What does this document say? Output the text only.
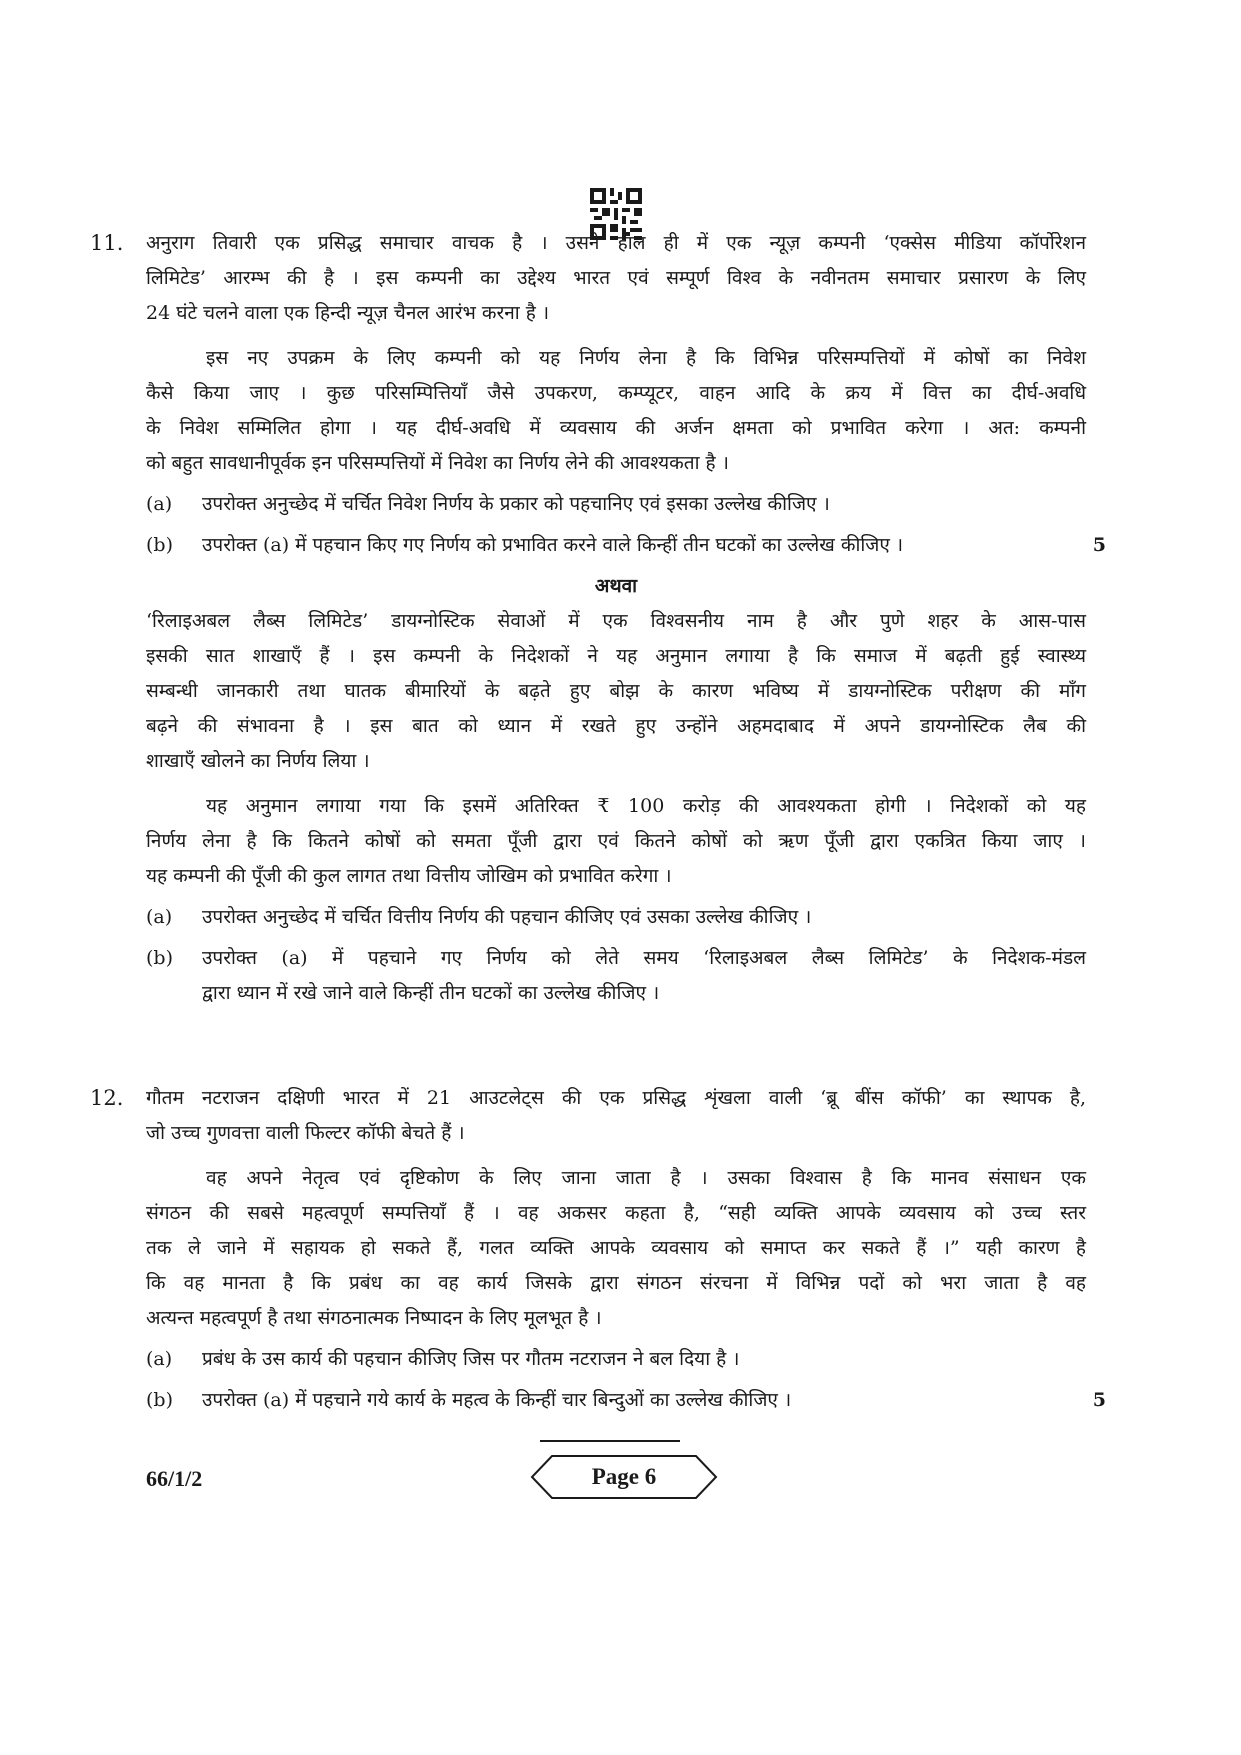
11. अनुराग तिवारी एक प्रसिद्ध समाचार वाचक है । उसने हाल ही में एक न्यूज़ कम्पनी ‘एक्सेस मीडिया कॉर्पोरेशन
लिमिटेड’ आरम्भ की है । इस कम्पनी का उद्देश्य भारत एवं सम्पूर्ण विश्व के नवीनतम समाचार प्रसारण के लिए
24 घंटे चलने वाला एक हिन्दी न्यूज़ चैनल आरंभ करना है ।
इस नए उपक्रम के लिए कम्पनी को यह निर्णय लेना है कि विभिन्न परिसम्पत्तियों में कोषों का निवेश
कैसे किया जाए । कुछ परिसम्पित्तियाँ जैसे उपकरण, कम्प्यूटर, वाहन आदि के क्रय में वित्त का दीर्घ-अवधि
के निवेश सम्मिलित होगा । यह दीर्घ-अवधि में व्यवसाय की अर्जन क्षमता को प्रभावित करेगा । अत: कम्पनी
को बहुत सावधानीपूर्वक इन परिसम्पत्तियों में निवेश का निर्णय लेने की आवश्यकता है ।
(a) उपरोक्त अनुच्छेद में चर्चित निवेश निर्णय के प्रकार को पहचानिए एवं इसका उल्लेख कीजिए ।
(b) उपरोक्त (a) में पहचान किए गए निर्णय को प्रभावित करने वाले किन्हीं तीन घटकों का उल्लेख कीजिए ।	5
अथवा
‘रिलाइअबल लैब्स लिमिटेड’ डायग्नोस्टिक सेवाओं में एक विश्वसनीय नाम है और पुणे शहर के आस-पास
इसकी सात शाखाएँ हैं । इस कम्पनी के निदेशकों ने यह अनुमान लगाया है कि समाज में बढ़ती हुई स्वास्थ्य
सम्बन्धी जानकारी तथा घातक बीमारियों के बढ़ते हुए बोझ के कारण भविष्य में डायग्नोस्टिक परीक्षण की माँग
बढ़ने की संभावना है । इस बात को ध्यान में रखते हुए उन्होंने अहमदाबाद में अपने डायग्नोस्टिक लैब की
शाखाएँ खोलने का निर्णय लिया ।
यह अनुमान लगाया गया कि इसमें अतिरिक्त ₹ 100 करोड़ की आवश्यकता होगी । निदेशकों को यह
निर्णय लेना है कि कितने कोषों को समता पूँजी द्वारा एवं कितने कोषों को ऋण पूँजी द्वारा एकत्रित किया जाए ।
यह कम्पनी की पूँजी की कुल लागत तथा वित्तीय जोखिम को प्रभावित करेगा ।
(a) उपरोक्त अनुच्छेद में चर्चित वित्तीय निर्णय की पहचान कीजिए एवं उसका उल्लेख कीजिए ।
(b) उपरोक्त (a) में पहचाने गए निर्णय को लेते समय ‘रिलाइअबल लैब्स लिमिटेड’ के निदेशक-मंडल
द्वारा ध्यान में रखे जाने वाले किन्हीं तीन घटकों का उल्लेख कीजिए ।
12. गौतम नटराजन दक्षिणी भारत में 21 आउटलेट्स की एक प्रसिद्ध शृंखला वाली ‘ब्रू बींस कॉफी’ का स्थापक है,
जो उच्च गुणवत्ता वाली फिल्टर कॉफी बेचते हैं ।
वह अपने नेतृत्व एवं दृष्टिकोण के लिए जाना जाता है । उसका विश्वास है कि मानव संसाधन एक
संगठन की सबसे महत्वपूर्ण सम्पत्तियाँ हैं । वह अकसर कहता है, “सही व्यक्ति आपके व्यवसाय को उच्च स्तर
तक ले जाने में सहायक हो सकते हैं, गलत व्यक्ति आपके व्यवसाय को समाप्त कर सकते हैं ।” यही कारण है
कि वह मानता है कि प्रबंध का वह कार्य जिसके द्वारा संगठन संरचना में विभिन्न पदों को भरा जाता है वह
अत्यन्त महत्वपूर्ण है तथा संगठनात्मक निष्पादन के लिए मूलभूत है ।
(a) प्रबंध के उस कार्य की पहचान कीजिए जिस पर गौतम नटराजन ने बल दिया है ।
(b) उपरोक्त (a) में पहचाने गये कार्य के महत्व के किन्हीं चार बिन्दुओं का उल्लेख कीजिए ।	5
66/1/2	Page 6
